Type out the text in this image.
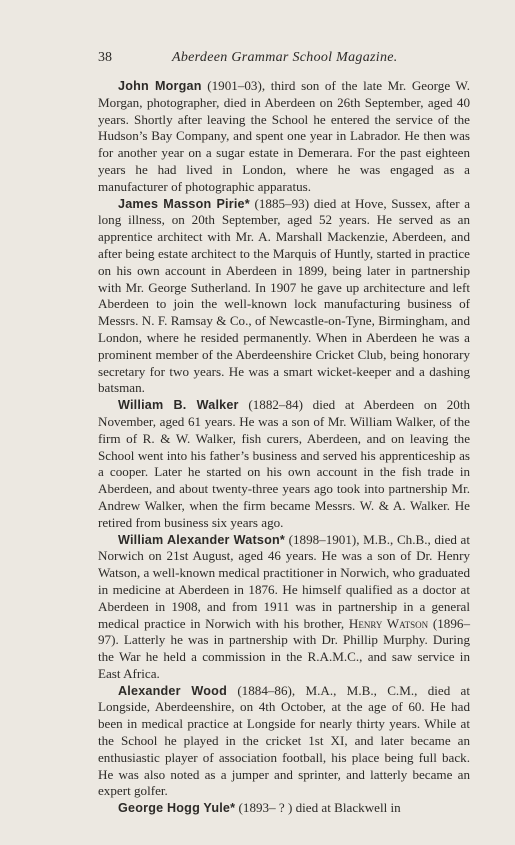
38	Aberdeen Grammar School Magazine.

John Morgan (1901–03), third son of the late Mr. George W. Morgan, photographer, died in Aberdeen on 26th September, aged 40 years. Shortly after leaving the School he entered the service of the Hudson’s Bay Company, and spent one year in Labrador. He then was for another year on a sugar estate in Demerara. For the past eighteen years he had lived in London, where he was engaged as a manufacturer of photographic apparatus.

James Masson Pirie* (1885–93) died at Hove, Sussex, after a long illness, on 20th September, aged 52 years. He served as an apprentice architect with Mr. A. Marshall Mackenzie, Aberdeen, and after being estate architect to the Marquis of Huntly, started in practice on his own account in Aberdeen in 1899, being later in partnership with Mr. George Sutherland. In 1907 he gave up architecture and left Aberdeen to join the well-known lock manufacturing business of Messrs. N. F. Ramsay & Co., of Newcastle-on-Tyne, Birmingham, and London, where he resided permanently. When in Aberdeen he was a prominent member of the Aberdeenshire Cricket Club, being honorary secretary for two years. He was a smart wicket-keeper and a dashing batsman.

William B. Walker (1882–84) died at Aberdeen on 20th November, aged 61 years. He was a son of Mr. William Walker, of the firm of R. & W. Walker, fish curers, Aberdeen, and on leaving the School went into his father’s business and served his apprenticeship as a cooper. Later he started on his own account in the fish trade in Aberdeen, and about twenty-three years ago took into partnership Mr. Andrew Walker, when the firm became Messrs. W. & A. Walker. He retired from business six years ago.

William Alexander Watson* (1898–1901), M.B., Ch.B., died at Norwich on 21st August, aged 46 years. He was a son of Dr. Henry Watson, a well-known medical practitioner in Norwich, who graduated in medicine at Aberdeen in 1876. He himself qualified as a doctor at Aberdeen in 1908, and from 1911 was in partnership in a general medical practice in Norwich with his brother, Henry Watson (1896–97). Latterly he was in partnership with Dr. Phillip Murphy. During the War he held a commission in the R.A.M.C., and saw service in East Africa.

Alexander Wood (1884–86), M.A., M.B., C.M., died at Longside, Aberdeenshire, on 4th October, at the age of 60. He had been in medical practice at Longside for nearly thirty years. While at the School he played in the cricket 1st XI, and later became an enthusiastic player of association football, his place being full back. He was also noted as a jumper and sprinter, and latterly became an expert golfer.

George Hogg Yule* (1893– ? ) died at Blackwell in
